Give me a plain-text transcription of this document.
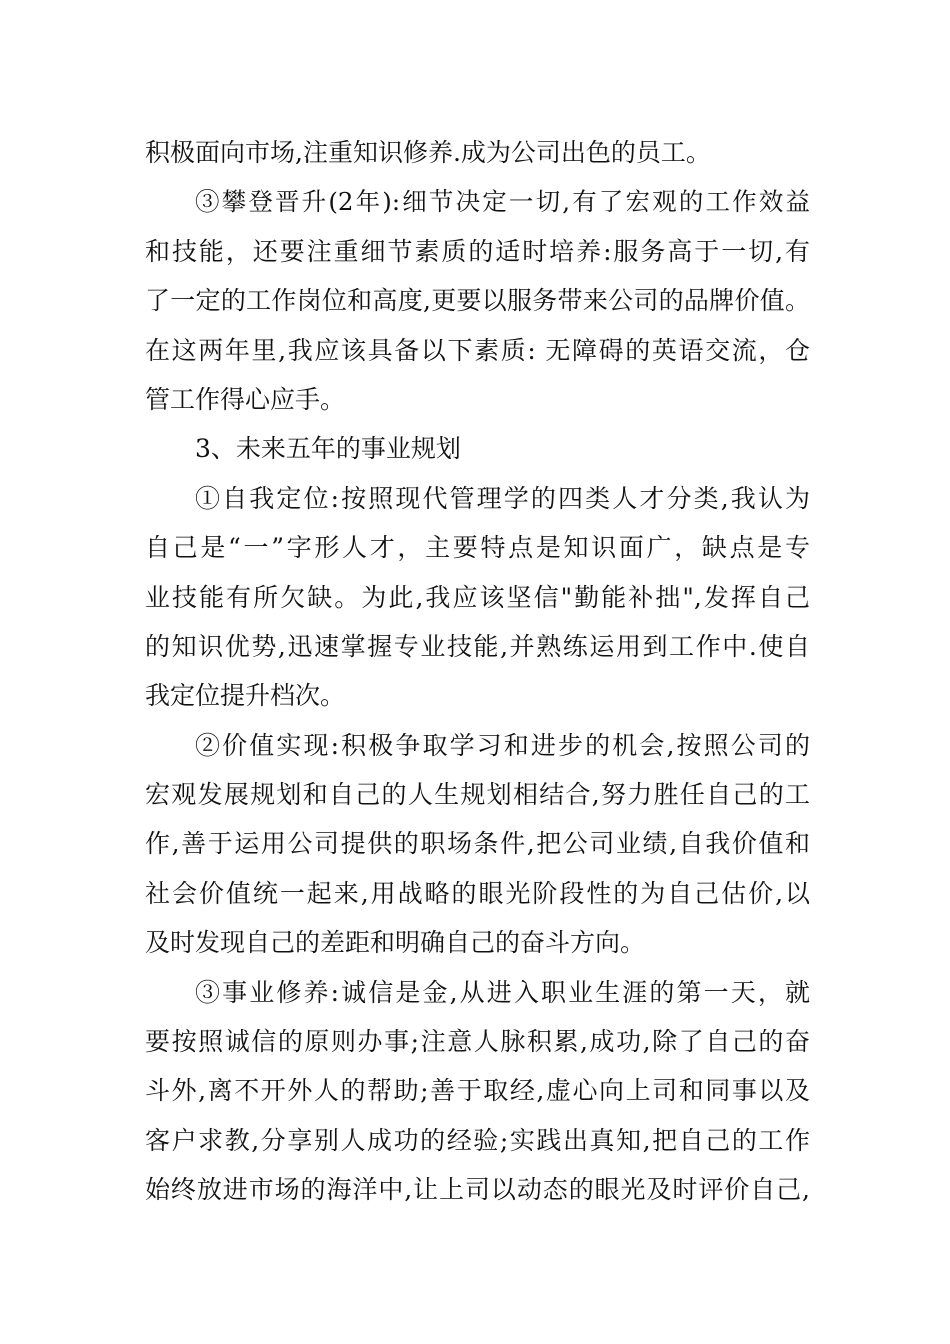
积极面向市场,注重知识修养.成为公司出色的员工。
③攀登晋升(2年):细节决定一切,有了宏观的工作效益
和技能，还要注重细节素质的适时培养:服务高于一切,有
了一定的工作岗位和高度,更要以服务带来公司的品牌价值。
在这两年里,我应该具备以下素质: 无障碍的英语交流，仓
管工作得心应手。
3、未来五年的事业规划
①自我定位:按照现代管理学的四类人才分类,我认为
自己是“一”字形人才，主要特点是知识面广，缺点是专
业技能有所欠缺。为此,我应该坚信"勤能补拙",发挥自己
的知识优势,迅速掌握专业技能,并熟练运用到工作中.使自
我定位提升档次。
②价值实现:积极争取学习和进步的机会,按照公司的
宏观发展规划和自己的人生规划相结合,努力胜任自己的工
作,善于运用公司提供的职场条件,把公司业绩,自我价值和
社会价值统一起来,用战略的眼光阶段性的为自己估价,以
及时发现自己的差距和明确自己的奋斗方向。
③事业修养:诚信是金,从进入职业生涯的第一天，就
要按照诚信的原则办事;注意人脉积累,成功,除了自己的奋
斗外,离不开外人的帮助;善于取经,虚心向上司和同事以及
客户求教,分享别人成功的经验;实践出真知,把自己的工作
始终放进市场的海洋中,让上司以动态的眼光及时评价自己,
